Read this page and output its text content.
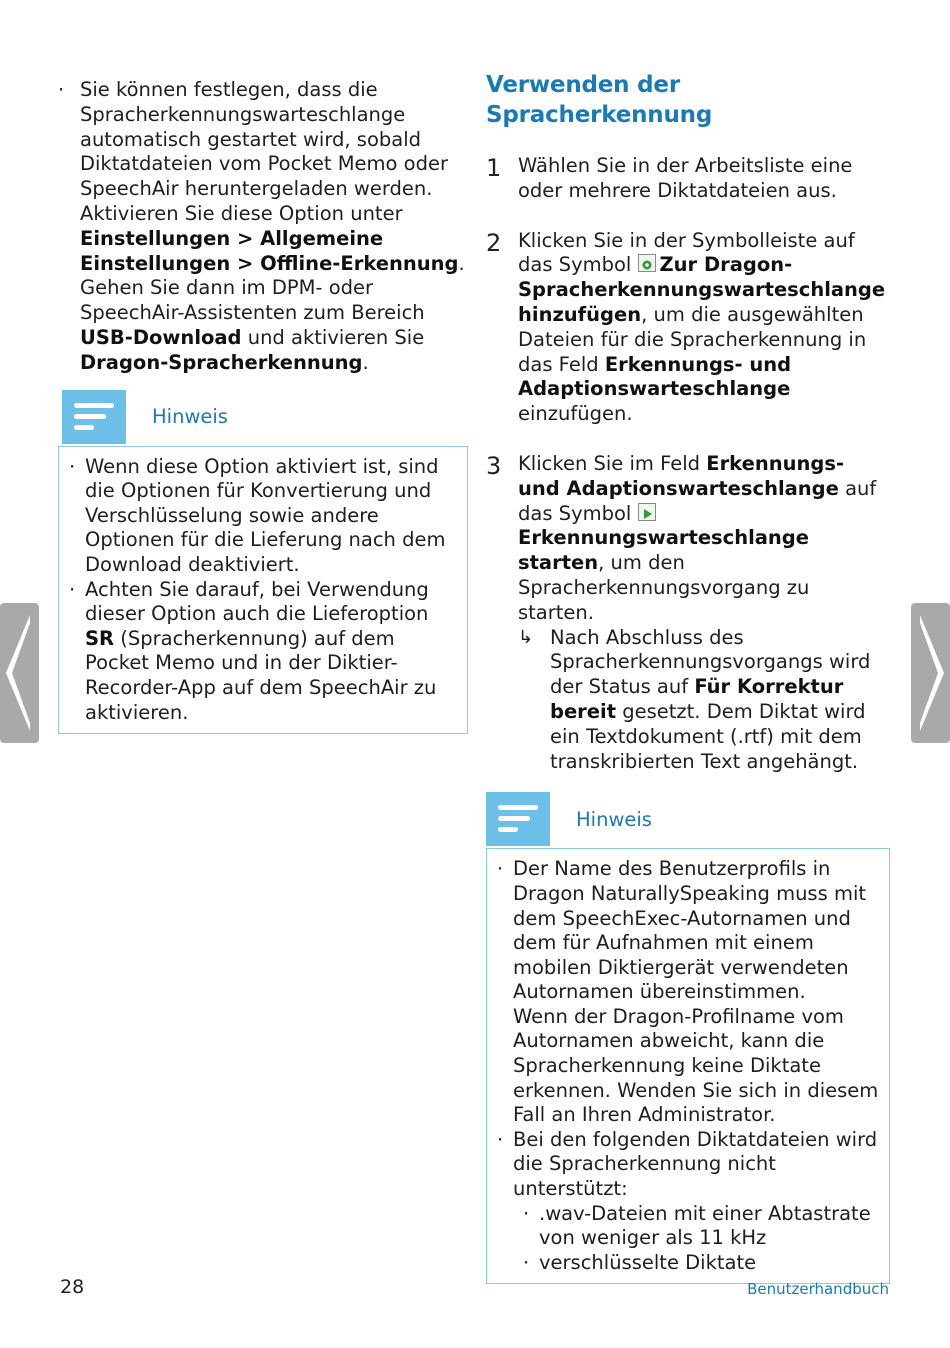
· Sie können festlegen, dass die Spracherkennungswarteschlange automatisch gestartet wird, sobald Diktatdateien vom Pocket Memo oder SpeechAir heruntergeladen werden. Aktivieren Sie diese Option unter Einstellungen > Allgemeine Einstellungen > Offline-Erkennung. Gehen Sie dann im DPM- oder SpeechAir-Assistenten zum Bereich USB-Download und aktivieren Sie Dragon-Spracherkennung.
Hinweis
· Wenn diese Option aktiviert ist, sind die Optionen für Konvertierung und Verschlüsselung sowie andere Optionen für die Lieferung nach dem Download deaktiviert.
· Achten Sie darauf, bei Verwendung dieser Option auch die Lieferoption SR (Spracherkennung) auf dem Pocket Memo und in der Diktier-Recorder-App auf dem SpeechAir zu aktivieren.
Verwenden der Spracherkennung
1 Wählen Sie in der Arbeitsliste eine oder mehrere Diktatdateien aus.
2 Klicken Sie in der Symbolleiste auf das Symbol Zur Dragon-Spracherkennungswarteschlange hinzufügen, um die ausgewählten Dateien für die Spracherkennung in das Feld Erkennungs- und Adaptionswarteschlange einzufügen.
3 Klicken Sie im Feld Erkennungs- und Adaptionswarteschlange auf das Symbol Erkennungswarteschlange starten, um den Spracherkennungsvorgang zu starten.
↳ Nach Abschluss des Spracherkennungsvorgangs wird der Status auf Für Korrektur bereit gesetzt. Dem Diktat wird ein Textdokument (.rtf) mit dem transkribierten Text angehängt.
Hinweis
· Der Name des Benutzerprofils in Dragon NaturallySpeaking muss mit dem SpeechExec-Autornamen und dem für Aufnahmen mit einem mobilen Diktiergerät verwendeten Autornamen übereinstimmen.
Wenn der Dragon-Profilname vom Autornamen abweicht, kann die Spracherkennung keine Diktate erkennen. Wenden Sie sich in diesem Fall an Ihren Administrator.
· Bei den folgenden Diktatdateien wird die Spracherkennung nicht unterstützt:
· .wav-Dateien mit einer Abtastrate von weniger als 11 kHz
· verschlüsselte Diktate
28	Benutzerhandbuch
